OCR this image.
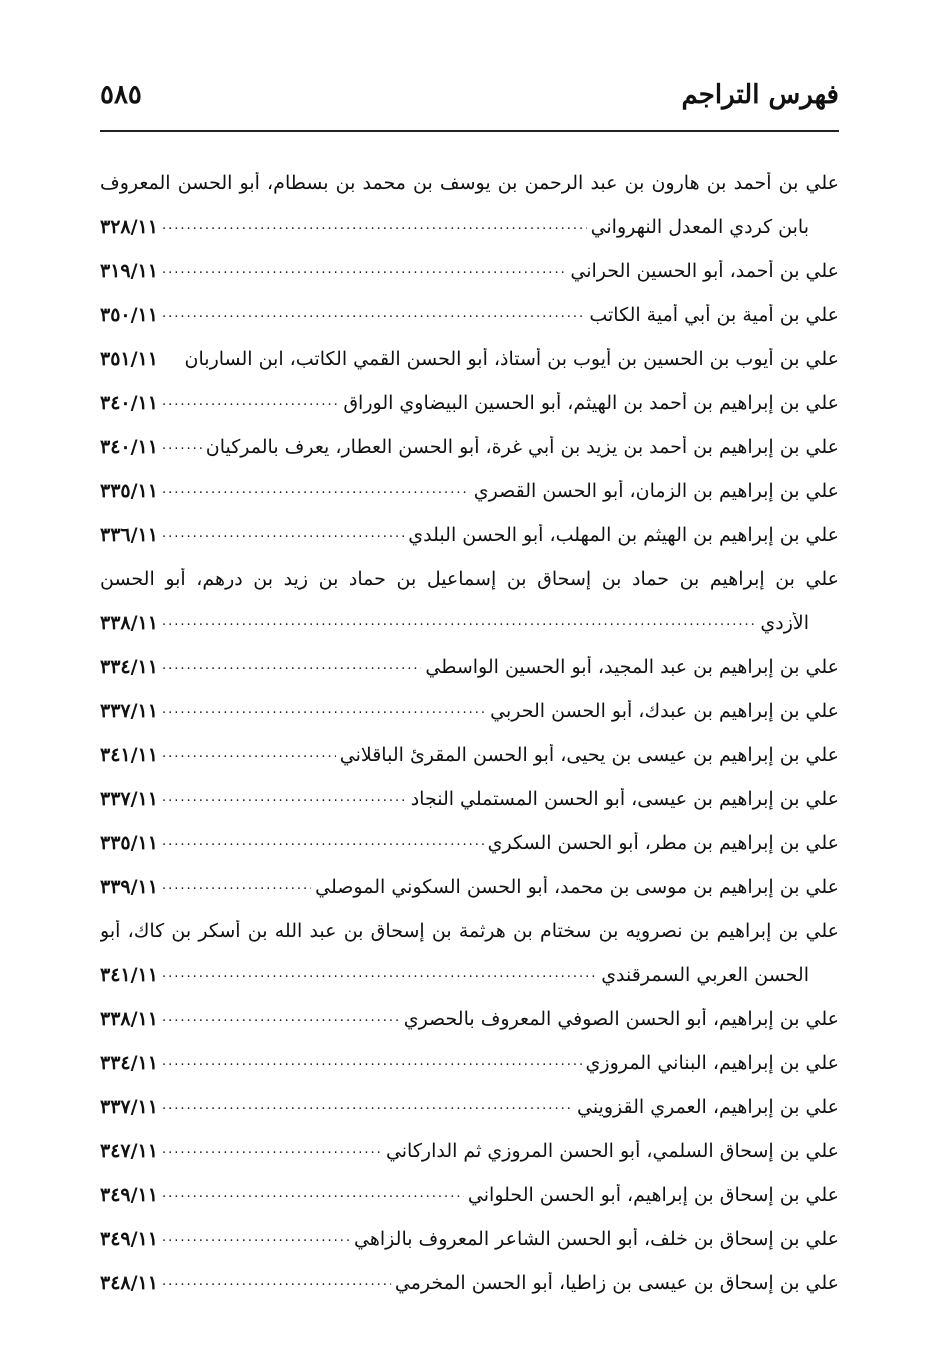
فهرس التراجم
٥٨٥
علي بن أحمد بن هارون بن عبد الرحمن بن يوسف بن محمد بن بسطام، أبو الحسن المعروف
بابن كردي المعدل النهرواني
.....
٣٢٨/١١
علي بن أحمد، أبو الحسين الحراني
.....
٣١٩/١١
علي بن أمية بن أبي أمية الكاتب
.....
٣٥٠/١١
علي بن أيوب بن الحسين بن أيوب بن أستاذ، أبو الحسن القمي الكاتب، ابن الساربان
٣٥١/١١
علي بن إبراهيم بن أحمد بن الهيثم، أبو الحسين البيضاوي الوراق
.....
٣٤٠/١١
علي بن إبراهيم بن أحمد بن يزيد بن أبي غرة، أبو الحسن العطار، يعرف بالمركيان
.....
٣٤٠/١١
علي بن إبراهيم بن الزمان، أبو الحسن القصري
.....
٣٣٥/١١
علي بن إبراهيم بن الهيثم بن المهلب، أبو الحسن البلدي
.....
٣٣٦/١١
علي بن إبراهيم بن حماد بن إسحاق بن إسماعيل بن حماد بن زيد بن درهم، أبو الحسن
الأزدي
.....
٣٣٨/١١
علي بن إبراهيم بن عبد المجيد، أبو الحسين الواسطي
.....
٣٣٤/١١
علي بن إبراهيم بن عبدك، أبو الحسن الحربي
.....
٣٣٧/١١
علي بن إبراهيم بن عيسى بن يحيى، أبو الحسن المقرئ الباقلاني
.....
٣٤١/١١
علي بن إبراهيم بن عيسى، أبو الحسن المستملي النجاد
.....
٣٣٧/١١
علي بن إبراهيم بن مطر، أبو الحسن السكري
.....
٣٣٥/١١
علي بن إبراهيم بن موسى بن محمد، أبو الحسن السكوني الموصلي
.....
٣٣٩/١١
علي بن إبراهيم بن نصرويه بن سختام بن هرثمة بن إسحاق بن عبد الله بن أسكر بن كاك، أبو
الحسن العربي السمرقندي
.....
٣٤١/١١
علي بن إبراهيم، أبو الحسن الصوفي المعروف بالحصري
.....
٣٣٨/١١
علي بن إبراهيم، البناني المروزي
.....
٣٣٤/١١
علي بن إبراهيم، العمري القزويني
.....
٣٣٧/١١
علي بن إسحاق السلمي، أبو الحسن المروزي ثم الداركاني
.....
٣٤٧/١١
علي بن إسحاق بن إبراهيم، أبو الحسن الحلواني
.....
٣٤٩/١١
علي بن إسحاق بن خلف، أبو الحسن الشاعر المعروف بالزاهي
.....
٣٤٩/١١
علي بن إسحاق بن عيسى بن زاطيا، أبو الحسن المخرمي
.....
٣٤٨/١١
